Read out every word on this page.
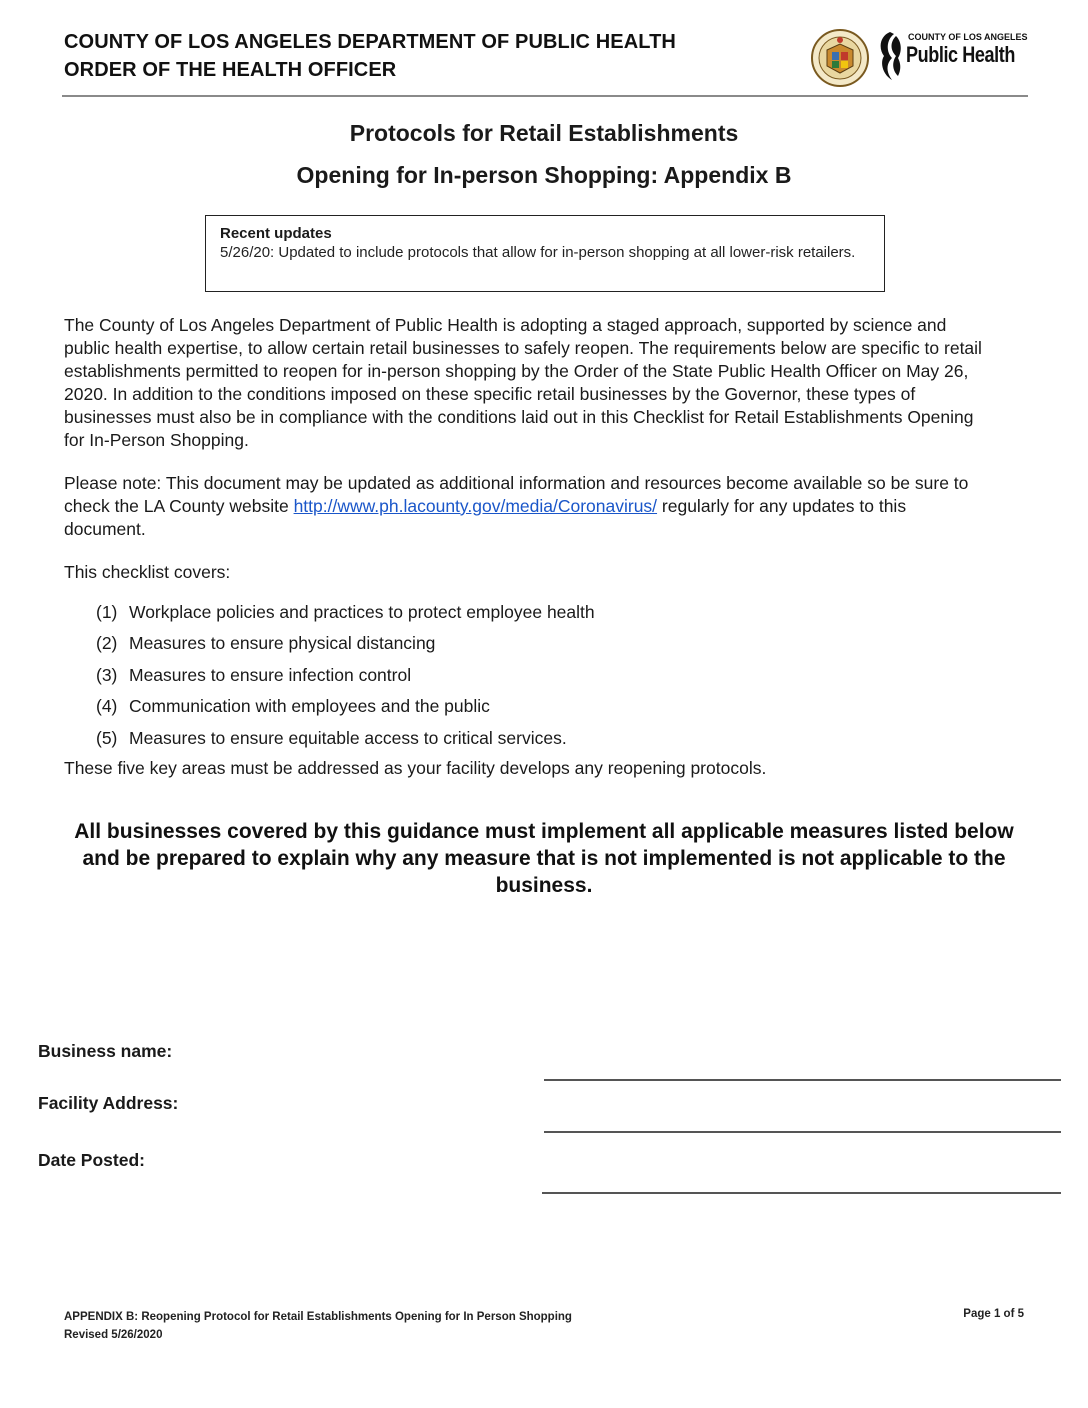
COUNTY OF LOS ANGELES DEPARTMENT OF PUBLIC HEALTH
ORDER OF THE HEALTH OFFICER
COUNTY OF LOS ANGELES
Public Health
Protocols for Retail Establishments
Opening for In-person Shopping: Appendix B
Recent updates
5/26/20: Updated to include protocols that allow for in-person shopping at all lower-risk retailers.
The County of Los Angeles Department of Public Health is adopting a staged approach, supported by science and public health expertise, to allow certain retail businesses to safely reopen. The requirements below are specific to retail establishments permitted to reopen for in-person shopping by the Order of the State Public Health Officer on May 26, 2020. In addition to the conditions imposed on these specific retail businesses by the Governor, these types of businesses must also be in compliance with the conditions laid out in this Checklist for Retail Establishments Opening for In-Person Shopping.
Please note: This document may be updated as additional information and resources become available so be sure to check the LA County website http://www.ph.lacounty.gov/media/Coronavirus/ regularly for any updates to this document.
This checklist covers:
(1) Workplace policies and practices to protect employee health
(2) Measures to ensure physical distancing
(3) Measures to ensure infection control
(4) Communication with employees and the public
(5) Measures to ensure equitable access to critical services.
These five key areas must be addressed as your facility develops any reopening protocols.
All businesses covered by this guidance must implement all applicable measures listed below and be prepared to explain why any measure that is not implemented is not applicable to the business.
Business name:
Facility Address:
Date Posted:
APPENDIX B: Reopening Protocol for Retail Establishments Opening for In Person Shopping
Revised 5/26/2020
Page 1 of 5
